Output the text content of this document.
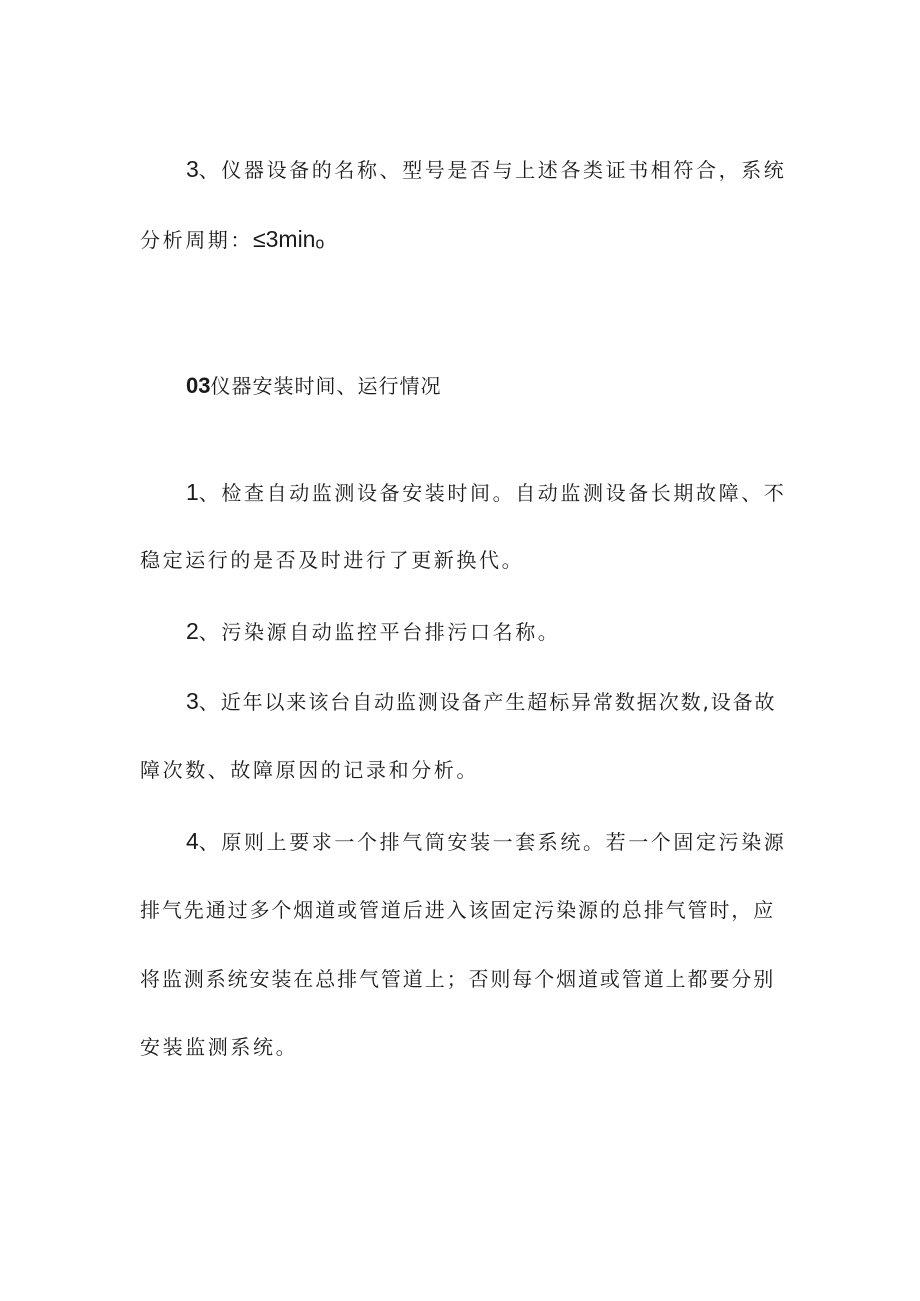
3、仪器设备的名称、型号是否与上述各类证书相符合，系统
分析周期：≤3minₒ
03仪器安装时间、运行情况
1、检查自动监测设备安装时间。自动监测设备长期故障、不
稳定运行的是否及时进行了更新换代。
2、污染源自动监控平台排污口名称。
3、近年以来该台自动监测设备产生超标异常数据次数,设备故
障次数、故障原因的记录和分析。
4、原则上要求一个排气筒安装一套系统。若一个固定污染源
排气先通过多个烟道或管道后进入该固定污染源的总排气管时，应
将监测系统安装在总排气管道上；否则每个烟道或管道上都要分别
安装监测系统。
